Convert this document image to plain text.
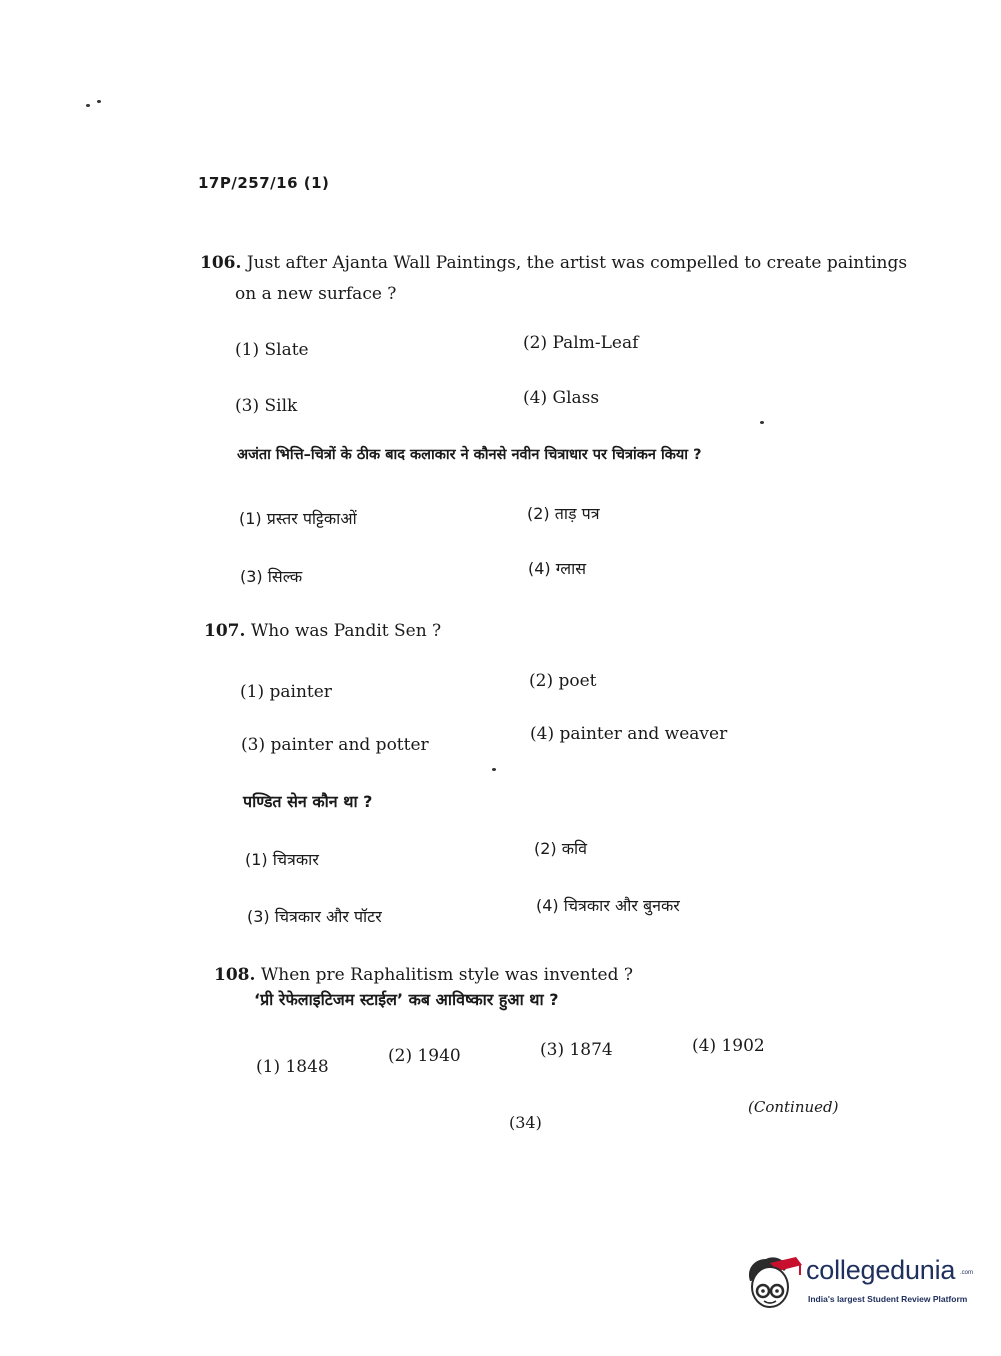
17P/257/16 (1)
106. Just after Ajanta Wall Paintings, the artist was compelled to create paintings
on a new surface ?
(1) Slate	(2) Palm-Leaf
(3) Silk	(4) Glass
अजंता भित्ति–चित्रों के ठीक बाद कलाकार ने कौनसे नवीन चित्राधार पर चित्रांकन किया ?
(1) प्रस्तर पट्टिकाओं	(2) ताड़ पत्र
(3) सिल्क	(4) ग्लास
107. Who was Pandit Sen ?
(1) painter
(2) poet
(3) painter and potter
(4) painter and weaver
पण्डित सेन कौन था ?
(1) चित्रकार
(2) कवि
(3) चित्रकार और पॉटर
(4) चित्रकार और बुनकर
108. When pre Raphalitism style was invented ?
‘प्री रेफेलाइटिजम स्टाईल’ कब आविष्कार हुआ था ?
(1) 1848
(2) 1940	(3) 1874	(4) 1902
(Continued)
(34)
collegedunia .com
India's largest Student Review Platform
